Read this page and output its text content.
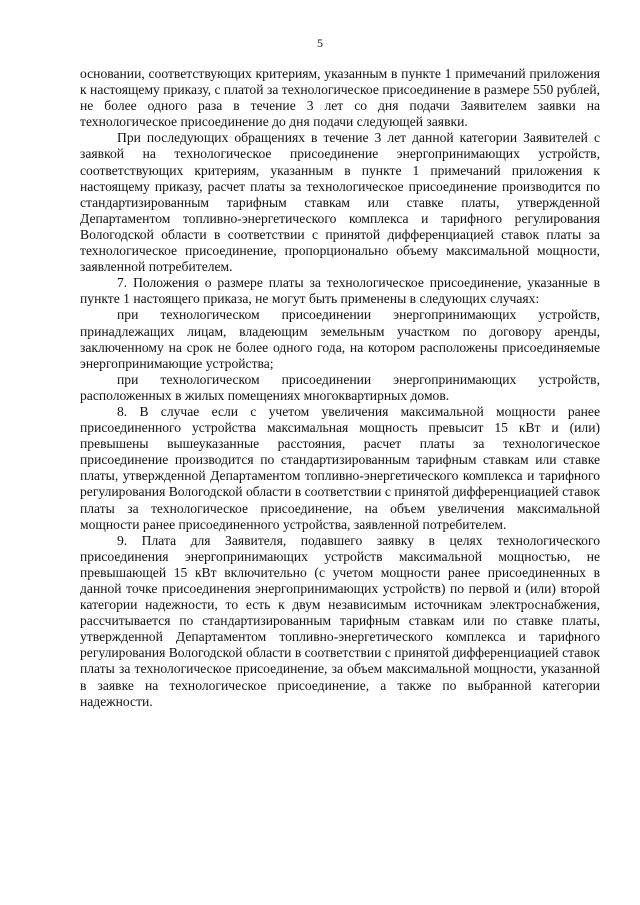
5

основании, соответствующих критериям, указанным в пункте 1 примечаний приложения к настоящему приказу, с платой за технологическое присоединение в размере 550 рублей, не более одного раза в течение 3 лет со дня подачи Заявителем заявки на технологическое присоединение до дня подачи следующей заявки.

При последующих обращениях в течение 3 лет данной категории Заявителей с заявкой на технологическое присоединение энергопринимающих устройств, соответствующих критериям, указанным в пункте 1 примечаний приложения к настоящему приказу, расчет платы за технологическое присоединение производится по стандартизированным тарифным ставкам или ставке платы, утвержденной Департаментом топливно-энергетического комплекса и тарифного регулирования Вологодской области в соответствии с принятой дифференциацией ставок платы за технологическое присоединение, пропорционально объему максимальной мощности, заявленной потребителем.

7. Положения о размере платы за технологическое присоединение, указанные в пункте 1 настоящего приказа, не могут быть применены в следующих случаях:

при технологическом присоединении энергопринимающих устройств, принадлежащих лицам, владеющим земельным участком по договору аренды, заключенному на срок не более одного года, на котором расположены присоединяемые энергопринимающие устройства;

при технологическом присоединении энергопринимающих устройств, расположенных в жилых помещениях многоквартирных домов.

8. В случае если с учетом увеличения максимальной мощности ранее присоединенного устройства максимальная мощность превысит 15 кВт и (или) превышены вышеуказанные расстояния, расчет платы за технологическое присоединение производится по стандартизированным тарифным ставкам или ставке платы, утвержденной Департаментом топливно-энергетического комплекса и тарифного регулирования Вологодской области в соответствии с принятой дифференциацией ставок платы за технологическое присоединение, на объем увеличения максимальной мощности ранее присоединенного устройства, заявленной потребителем.

9. Плата для Заявителя, подавшего заявку в целях технологического присоединения энергопринимающих устройств максимальной мощностью, не превышающей 15 кВт включительно (с учетом мощности ранее присоединенных в данной точке присоединения энергопринимающих устройств) по первой и (или) второй категории надежности, то есть к двум независимым источникам электроснабжения, рассчитывается по стандартизированным тарифным ставкам или по ставке платы, утвержденной Департаментом топливно-энергетического комплекса и тарифного регулирования Вологодской области в соответствии с принятой дифференциацией ставок платы за технологическое присоединение, за объем максимальной мощности, указанной в заявке на технологическое присоединение, а также по выбранной категории надежности.
